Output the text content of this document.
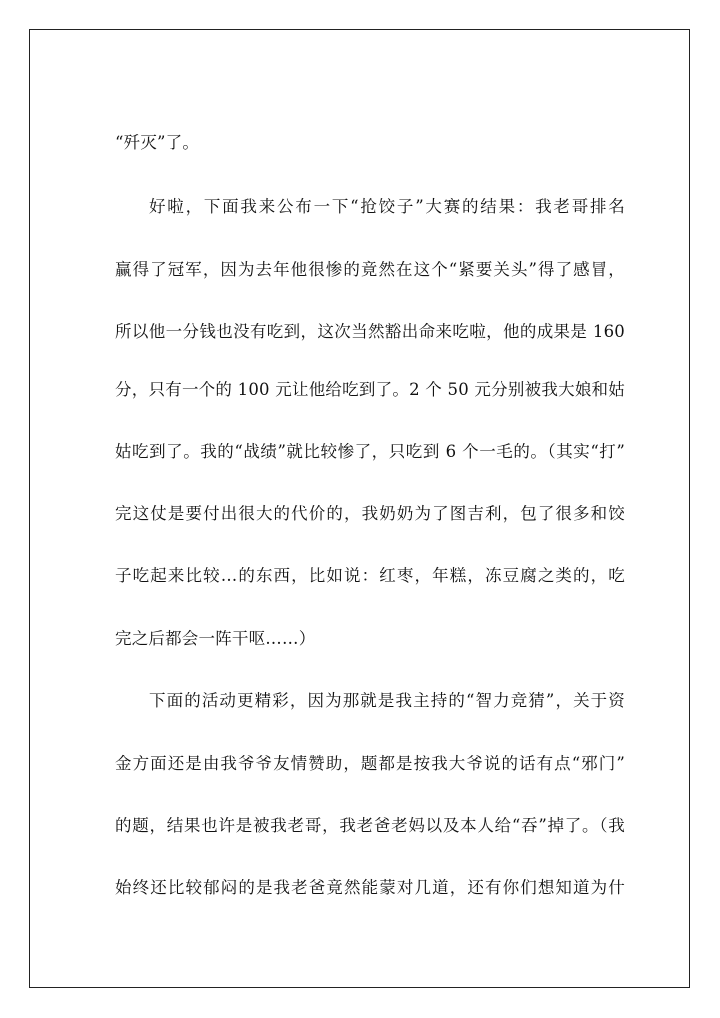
“歼灭”了。
好啦，下面我来公布一下“抢饺子”大赛的结果：我老哥排名
赢得了冠军，因为去年他很惨的竟然在这个“紧要关头”得了感冒，
所以他一分钱也没有吃到，这次当然豁出命来吃啦，他的成果是 160
分，只有一个的 100 元让他给吃到了。2 个 50 元分别被我大娘和姑
姑吃到了。我的“战绩”就比较惨了，只吃到 6 个一毛的。（其实“打”
完这仗是要付出很大的代价的，我奶奶为了图吉利，包了很多和饺
子吃起来比较…的东西，比如说：红枣，年糕，冻豆腐之类的，吃
完之后都会一阵干呕……）
下面的活动更精彩，因为那就是我主持的“智力竞猜”，关于资
金方面还是由我爷爷友情赞助，题都是按我大爷说的话有点“邪门”
的题，结果也许是被我老哥，我老爸老妈以及本人给“吞”掉了。（我
始终还比较郁闷的是我老爸竟然能蒙对几道，还有你们想知道为什
